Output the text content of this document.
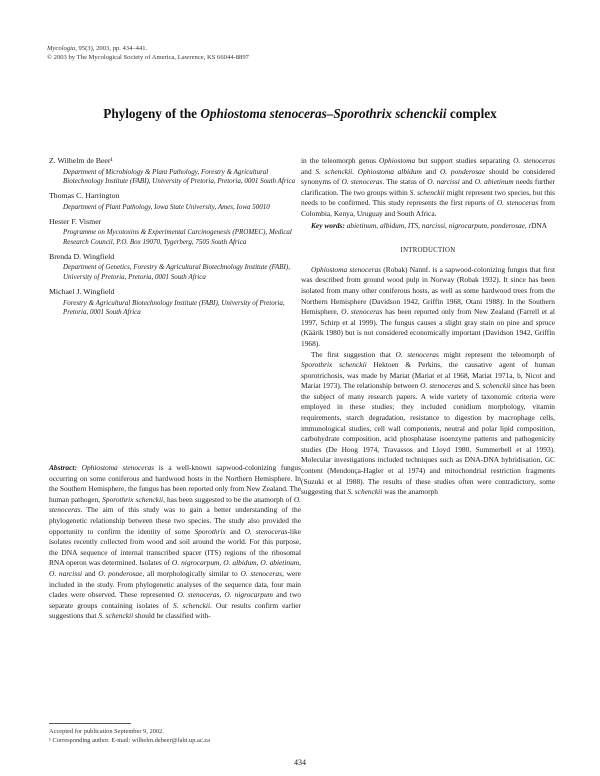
Mycologia, 95(3), 2003, pp. 434–441.
© 2003 by The Mycological Society of America, Lawrence, KS 66044-8897
Phylogeny of the Ophiostoma stenoceras–Sporothrix schenckii complex
Z. Wilhelm de Beer¹
Department of Microbiology & Plant Pathology, Forestry & Agricultural Biotechnology Institute (FABI), University of Pretoria, Pretoria, 0001 South Africa
Thomas C. Harrington
Department of Plant Pathology, Iowa State University, Ames, Iowa 50010
Hester F. Vismer
Programme on Mycotoxins & Experimental Carcinogenesis (PROMEC), Medical Research Council, P.O. Box 19070, Tygerberg, 7505 South Africa
Brenda D. Wingfield
Department of Genetics, Forestry & Agricultural Biotechnology Institute (FABI), University of Pretoria, Pretoria, 0001 South Africa
Michael J. Wingfield
Forestry & Agricultural Biotechnology Institute (FABI), University of Pretoria, Pretoria, 0001 South Africa
Abstract: Ophiostoma stenoceras is a well-known sapwood-colonizing fungus occurring on some coniferous and hardwood hosts in the Northern Hemisphere. In the Southern Hemisphere, the fungus has been reported only from New Zealand. The human pathogen, Sporothrix schenckii, has been suggested to be the anamorph of O. stenoceras. The aim of this study was to gain a better understanding of the phylogenetic relationship between these two species. The study also provided the opportunity to confirm the identity of some Sporothrix and O. stenoceras-like isolates recently collected from wood and soil around the world. For this purpose, the DNA sequence of internal transcribed spacer (ITS) regions of the ribosomal RNA operon was determined. Isolates of O. nigrocarpum, O. albidum, O. abietinum, O. narcissi and O. ponderosae, all morphologically similar to O. stenoceras, were included in the study. From phylogenetic analyses of the sequence data, four main clades were observed. These represented O. stenoceras, O. nigrocarpum and two separate groups containing isolates of S. schenckii. Our results confirm earlier suggestions that S. schenckii should be classified with-
Accepted for publication September 9, 2002.
¹ Corresponding author. E-mail: wilhelm.debeer@fabi.up.ac.za

in the teleomorph genus Ophiostoma but support studies separating O. stenoceras and S. schenckii. Ophiostoma albidum and O. ponderosae should be considered synonyms of O. stenoceras. The status of O. narcissi and O. abietinum needs further clarification. The two groups within S. schenckii might represent two species, but this needs to be confirmed. This study represents the first reports of O. stenoceras from Colombia, Kenya, Uruguay and South Africa.

Key words: abietinum, albidum, ITS, narcissi, nigrocarpum, ponderosae, rDNA

INTRODUCTION

Ophiostoma stenoceras (Robak) Nannf. is a sapwood-colonizing fungus that first was described from ground wood pulp in Norway (Robak 1932). It since has been isolated from many other coniferous hosts, as well as some hardwood trees from the Northern Hemisphere (Davidson 1942, Griffin 1968, Otani 1988). In the Southern Hemisphere, O. stenoceras has been reported only from New Zealand (Farrell et al 1997, Schirp et al 1999). The fungus causes a slight gray stain on pine and spruce (Käärik 1980) but is not considered economically important (Davidson 1942, Griffin 1968).

The first suggestion that O. stenoceras might represent the teleomorph of Sporothrix schenckii Hektoen & Perkins, the causative agent of human sporotrichosis, was made by Mariat (Mariat et al 1968, Mariat 1971a, b, Nicot and Mariat 1973). The relationship between O. stenoceras and S. schenckii since has been the subject of many research papers. A wide variety of taxonomic criteria were employed in these studies; they included conidium morphology, vitamin requirements, starch degradation, resistance to digestion by macrophage cells, immunological studies, cell wall components, neutral and polar lipid composition, carbohydrate composition, acid phosphatase isoenzyme patterns and pathogenicity studies (De Hoog 1974, Travassos and Lloyd 1980, Summerbell et al 1993). Molecular investigations included techniques such as DNA-DNA hybridisation, GC content (Mendonça-Hagler et al 1974) and mitochondrial restriction fragments (Suzuki et al 1988). The results of these studies often were contradictory, some suggesting that S. schenckii was the anamorph

434
